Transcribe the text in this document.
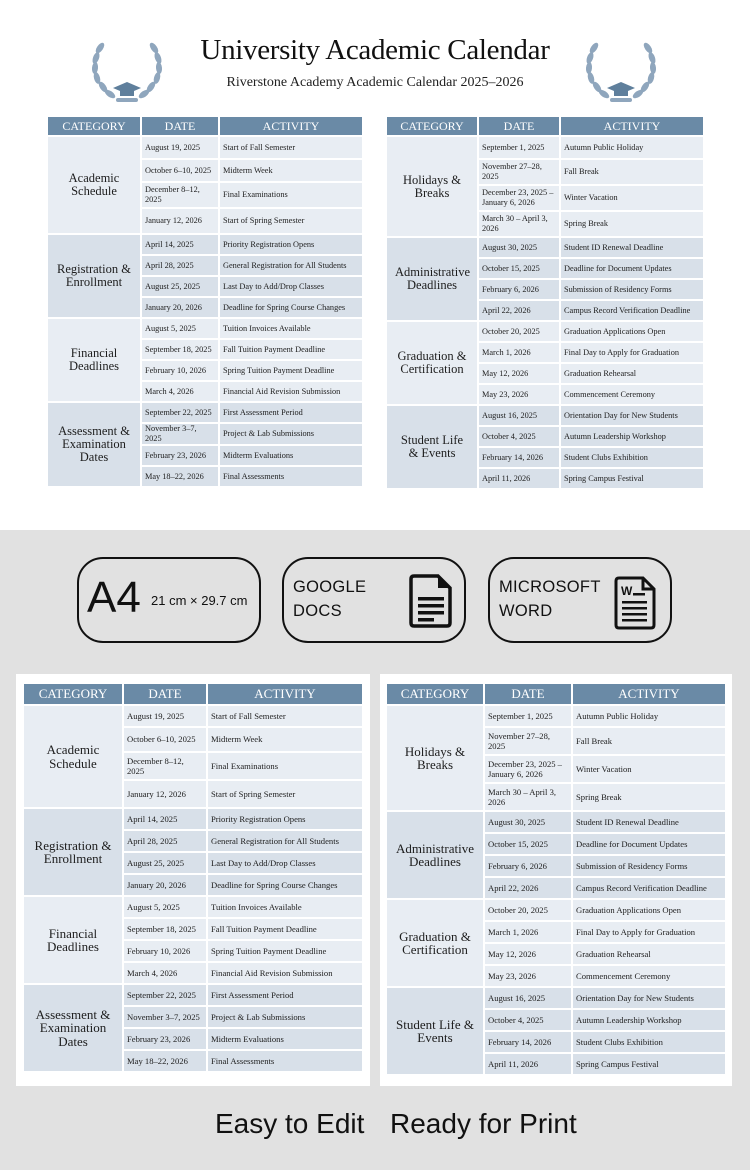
University Academic Calendar
Riverstone Academy Academic Calendar 2025–2026
CATEGORY	DATE	ACTIVITY
Academic Schedule	August 19, 2025	Start of Fall Semester
	October 6–10, 2025	Midterm Week
	December 8–12, 2025	Final Examinations
	January 12, 2026	Start of Spring Semester
Registration & Enrollment	April 14, 2025	Priority Registration Opens
	April 28, 2025	General Registration for All Students
	August 25, 2025	Last Day to Add/Drop Classes
	January 20, 2026	Deadline for Spring Course Changes
Financial Deadlines	August 5, 2025	Tuition Invoices Available
	September 18, 2025	Fall Tuition Payment Deadline
	February 10, 2026	Spring Tuition Payment Deadline
	March 4, 2026	Financial Aid Revision Submission
Assessment & Examination Dates	September 22, 2025	First Assessment Period
	November 3–7, 2025	Project & Lab Submissions
	February 23, 2026	Midterm Evaluations
	May 18–22, 2026	Final Assessments
CATEGORY	DATE	ACTIVITY
Holidays & Breaks	September 1, 2025	Autumn Public Holiday
	November 27–28, 2025	Fall Break
	December 23, 2025 – January 6, 2026	Winter Vacation
	March 30 – April 3, 2026	Spring Break
Administrative Deadlines	August 30, 2025	Student ID Renewal Deadline
	October 15, 2025	Deadline for Document Updates
	February 6, 2026	Submission of Residency Forms
	April 22, 2026	Campus Record Verification Deadline
Graduation & Certification	October 20, 2025	Graduation Applications Open
	March 1, 2026	Final Day to Apply for Graduation
	May 12, 2026	Graduation Rehearsal
	May 23, 2026	Commencement Ceremony
Student Life & Events	August 16, 2025	Orientation Day for New Students
	October 4, 2025	Autumn Leadership Workshop
	February 14, 2026	Student Clubs Exhibition
	April 11, 2026	Spring Campus Festival
A4 21 cm × 29.7 cm
GOOGLE
DOCS
MICROSOFT
WORD
W
CATEGORY	DATE	ACTIVITY
Academic Schedule	August 19, 2025	Start of Fall Semester
	October 6–10, 2025	Midterm Week
	December 8–12, 2025	Final Examinations
	January 12, 2026	Start of Spring Semester
Registration & Enrollment	April 14, 2025	Priority Registration Opens
	April 28, 2025	General Registration for All Students
	August 25, 2025	Last Day to Add/Drop Classes
	January 20, 2026	Deadline for Spring Course Changes
Financial Deadlines	August 5, 2025	Tuition Invoices Available
	September 18, 2025	Fall Tuition Payment Deadline
	February 10, 2026	Spring Tuition Payment Deadline
	March 4, 2026	Financial Aid Revision Submission
Assessment & Examination Dates	September 22, 2025	First Assessment Period
	November 3–7, 2025	Project & Lab Submissions
	February 23, 2026	Midterm Evaluations
	May 18–22, 2026	Final Assessments
CATEGORY	DATE	ACTIVITY
Holidays & Breaks	September 1, 2025	Autumn Public Holiday
	November 27–28, 2025	Fall Break
	December 23, 2025 – January 6, 2026	Winter Vacation
	March 30 – April 3, 2026	Spring Break
Administrative Deadlines	August 30, 2025	Student ID Renewal Deadline
	October 15, 2025	Deadline for Document Updates
	February 6, 2026	Submission of Residency Forms
	April 22, 2026	Campus Record Verification Deadline
Graduation & Certification	October 20, 2025	Graduation Applications Open
	March 1, 2026	Final Day to Apply for Graduation
	May 12, 2026	Graduation Rehearsal
	May 23, 2026	Commencement Ceremony
Student Life & Events	August 16, 2025	Orientation Day for New Students
	October 4, 2025	Autumn Leadership Workshop
	February 14, 2026	Student Clubs Exhibition
	April 11, 2026	Spring Campus Festival
Easy to Edit Ready for Print
